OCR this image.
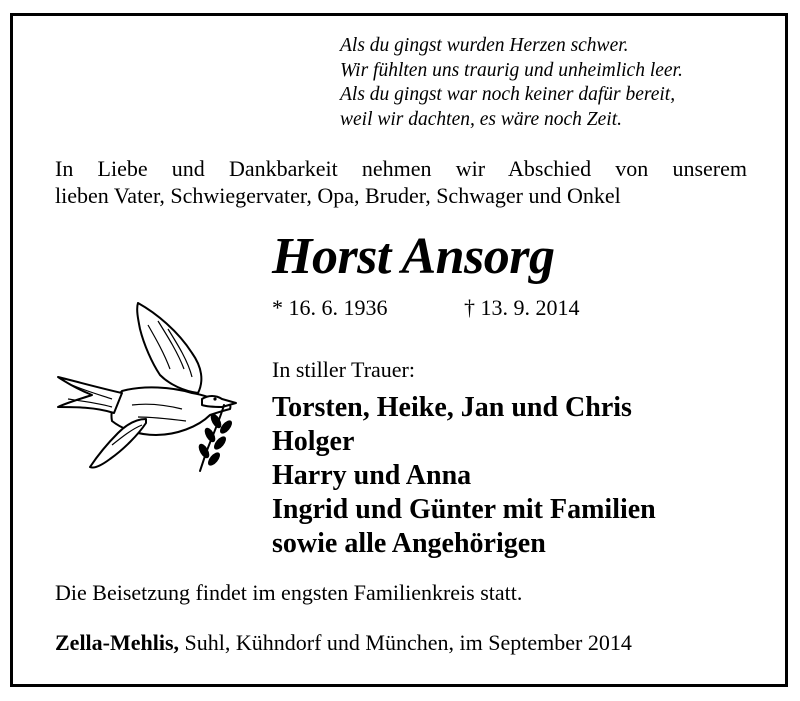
Als du gingst wurden Herzen schwer.
Wir fühlten uns traurig und unheimlich leer.
Als du gingst war noch keiner dafür bereit,
weil wir dachten, es wäre noch Zeit.
In Liebe und Dankbarkeit nehmen wir Abschied von unserem
lieben Vater, Schwiegervater, Opa, Bruder, Schwager und Onkel
Horst Ansorg
* 16. 6. 1936	† 13. 9. 2014
In stiller Trauer:
Torsten, Heike, Jan und Chris
Holger
Harry und Anna
Ingrid und Günter mit Familien
sowie alle Angehörigen
Die Beisetzung findet im engsten Familienkreis statt.
Zella-Mehlis, Suhl, Kühndorf und München, im September 2014
